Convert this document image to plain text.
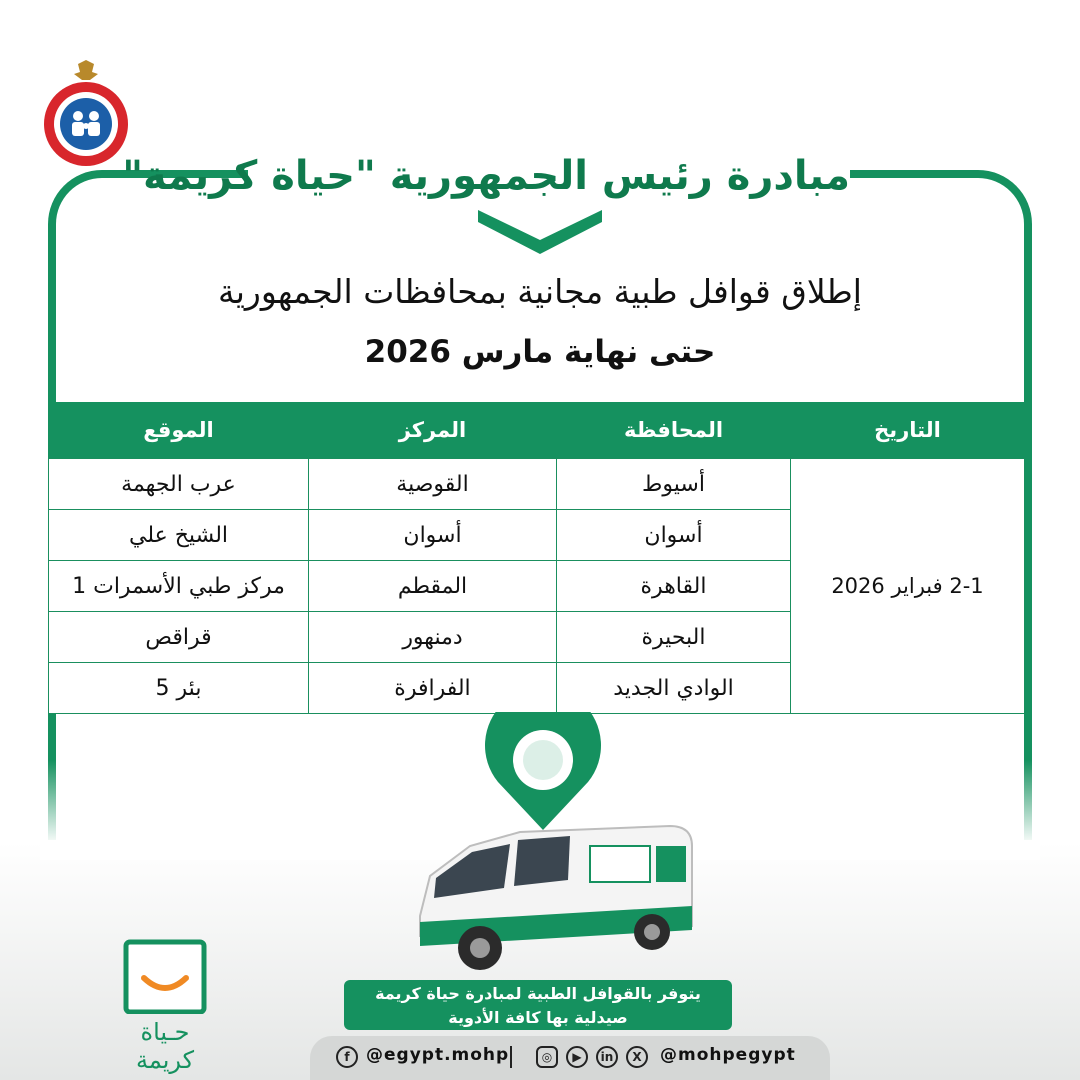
مبادرة رئيس الجمهورية "حياة كريمة"
إطلاق قوافل طبية مجانية بمحافظات الجمهورية
حتى نهاية مارس 2026
التاريخ	المحافظة	المركز	الموقع
2-1 فبراير 2026	أسيوط	القوصية	عرب الجهمة
	أسوان	أسوان	الشيخ علي
	القاهرة	المقطم	مركز طبي الأسمرات 1
	البحيرة	دمنهور	قراقص
	الوادي الجديد	الفرافرة	بئر 5
يتوفر بالقوافل الطبية لمبادرة حياة كريمة
صيدلية بها كافة الأدوية
حـياة
كريمة	f @egypt.mohp	◎	▶	in	X	@mohpegypt
